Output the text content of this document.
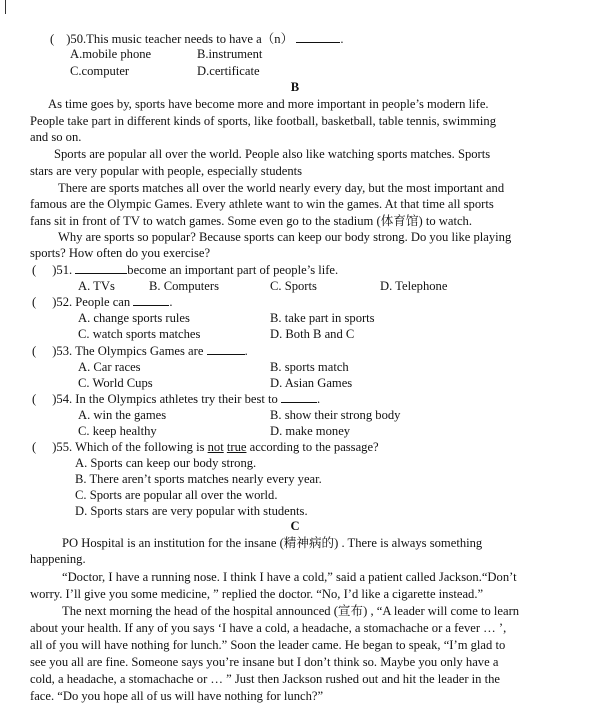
( )50.This music teacher needs to have a（n）	.
A.mobile phone	B.instrument
C.computer	D.certificate
B
As time goes by, sports have become more and more important in people’s modern life.
People take part in different kinds of sports, like football, basketball, table tennis, swimming
and so on.
Sports are popular all over the world. People also like watching sports matches. Sports
stars are very popular with people, especially students
There are sports matches all over the world nearly every day, but the most important and
famous are the Olympic Games. Every athlete want to win the games. At that time all sports
fans sit in front of TV to watch games. Some even go to the stadium (体育馆) to watch.
Why are sports so popular? Because sports can keep our body strong. Do you like playing
sports? How often do you exercise?
( )51.	become an important part of people’s life.
A. TVs	B. Computers	C. Sports	D. Telephone
( )52. People can	.
A. change sports rules	B. take part in sports
C. watch sports matches	D. Both B and C
( )53. The Olympics Games are	.
A. Car races	B. sports match
C. World Cups	D. Asian Games
( )54. In the Olympics athletes try their best to	.
A. win the games	B. show their strong body
C. keep healthy	D. make money
( )55. Which of the following is not true according to the passage?
A. Sports can keep our body strong.
B. There aren’t sports matches nearly every year.
C. Sports are popular all over the world.
D. Sports stars are very popular with students.
C
PO Hospital is an institution for the insane (精神病的) . There is always something
happening.
“Doctor, I have a running nose. I think I have a cold,” said a patient called Jackson.“Don’t
worry. I’ll give you some medicine, ” replied the doctor. “No, I’d like a cigarette instead.”
The next morning the head of the hospital announced (宣布) , “A leader will come to learn
about your health. If any of you says ‘I have a cold, a headache, a stomachache or a fever … ’,
all of you will have nothing for lunch.” Soon the leader came. He began to speak, “I’m glad to
see you all are fine. Someone says you’re insane but I don’t think so. Maybe you only have a
cold, a headache, a stomachache or … ” Just then Jackson rushed out and hit the leader in the
face. “Do you hope all of us will have nothing for lunch?”
